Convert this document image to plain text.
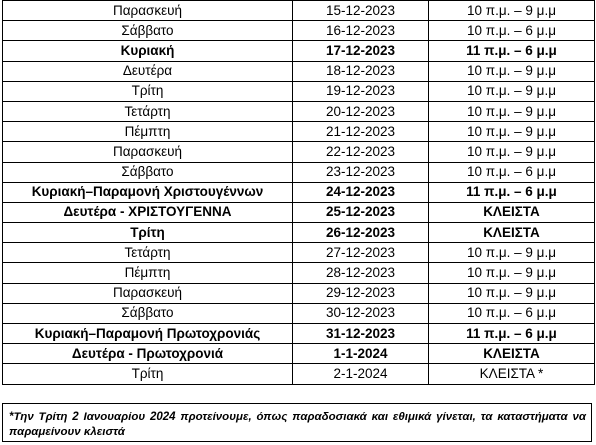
Παρασκευή	15-12-2023	10 π.μ. – 9 μ.μ
Σάββατο	16-12-2023	10 π.μ. – 6 μ.μ
Κυριακή	17-12-2023	11 π.μ. – 6 μ.μ
Δευτέρα	18-12-2023	10 π.μ. – 9 μ.μ
Τρίτη	19-12-2023	10 π.μ. – 9 μ.μ
Τετάρτη	20-12-2023	10 π.μ. – 9 μ.μ
Πέμπτη	21-12-2023	10 π.μ. – 9 μ.μ
Παρασκευή	22-12-2023	10 π.μ. – 9 μ.μ
Σάββατο	23-12-2023	10 π.μ. – 6 μ.μ
Κυριακή–Παραμονή Χριστουγέννων	24-12-2023	11 π.μ. – 6 μ.μ
Δευτέρα - ΧΡΙΣΤΟΥΓΕΝΝΑ	25-12-2023	ΚΛΕΙΣΤΑ
Τρίτη	26-12-2023	ΚΛΕΙΣΤΑ
Τετάρτη	27-12-2023	10 π.μ. – 9 μ.μ
Πέμπτη	28-12-2023	10 π.μ. – 9 μ.μ
Παρασκευή	29-12-2023	10 π.μ. – 9 μ.μ
Σάββατο	30-12-2023	10 π.μ. – 6 μ.μ
Κυριακή–Παραμονή Πρωτοχρονιάς	31-12-2023	11 π.μ. – 6 μ.μ
Δευτέρα - Πρωτοχρονιά	1-1-2024	ΚΛΕΙΣΤΑ
Τρίτη	2-1-2024	ΚΛΕΙΣΤΑ *
*Την Τρίτη 2 Ιανουαρίου 2024 προτείνουμε, όπως παραδοσιακά και εθιμικά γίνεται, τα καταστήματα να παραμείνουν κλειστά
